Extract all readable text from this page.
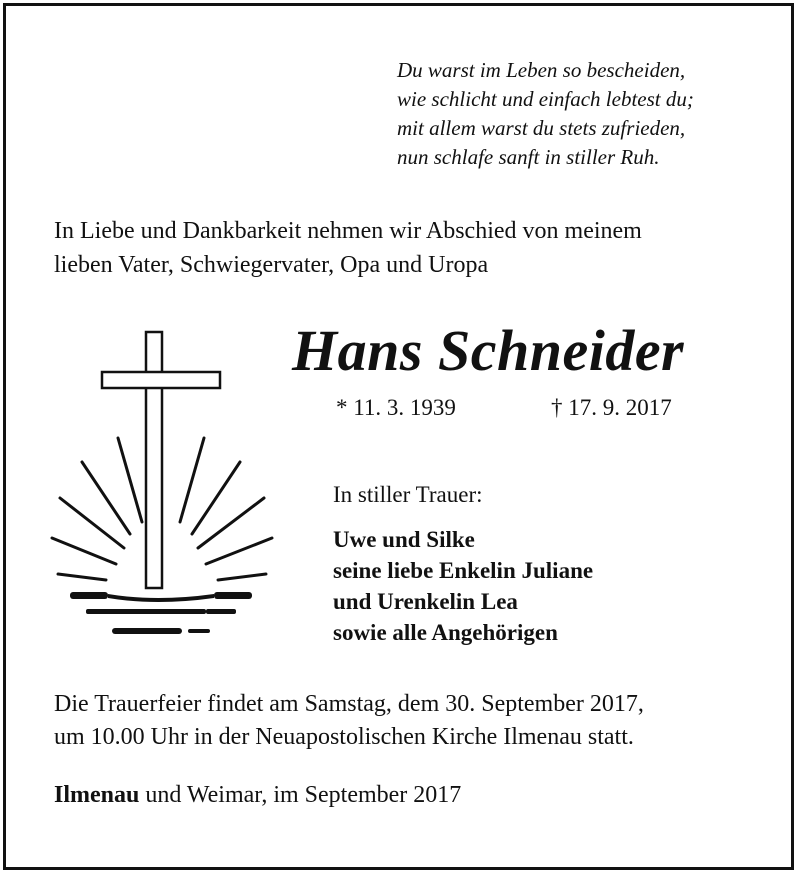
Du warst im Leben so bescheiden,
wie schlicht und einfach lebtest du;
mit allem warst du stets zufrieden,
nun schlafe sanft in stiller Ruh.
In Liebe und Dankbarkeit nehmen wir Abschied von meinem
lieben Vater, Schwiegervater, Opa und Uropa
Hans Schneider
* 11. 3. 1939	† 17. 9. 2017
In stiller Trauer:
Uwe und Silke
seine liebe Enkelin Juliane
und Urenkelin Lea
sowie alle Angehörigen
Die Trauerfeier findet am Samstag, dem 30. September 2017,
um 10.00 Uhr in der Neuapostolischen Kirche Ilmenau statt.
Ilmenau und Weimar, im September 2017
